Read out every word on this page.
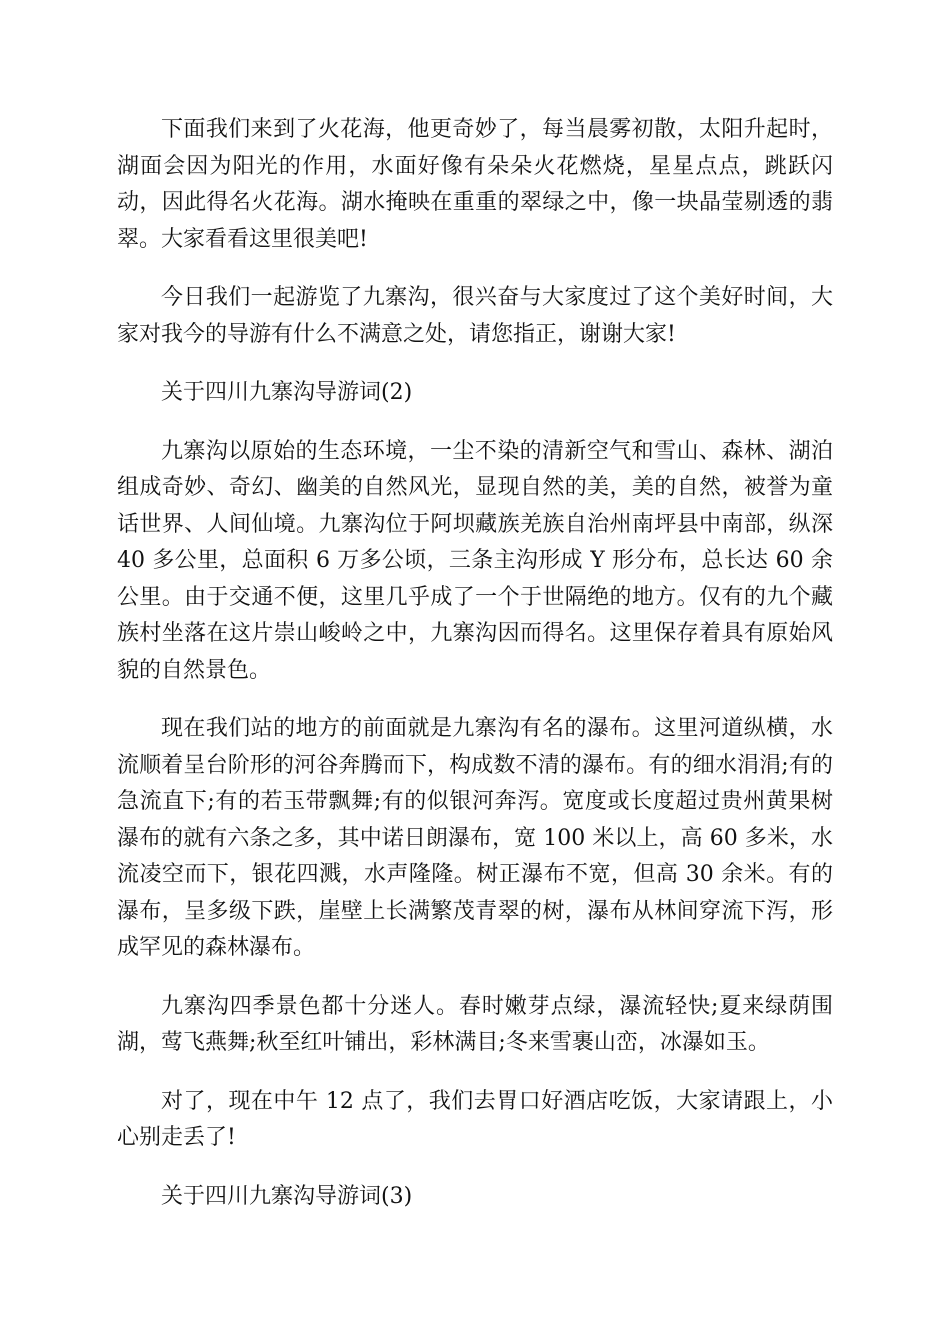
下面我们来到了火花海，他更奇妙了，每当晨雾初散，太阳升起时，湖面会因为阳光的作用，水面好像有朵朵火花燃烧，星星点点，跳跃闪动，因此得名火花海。湖水掩映在重重的翠绿之中，像一块晶莹剔透的翡翠。大家看看这里很美吧!

今日我们一起游览了九寨沟，很兴奋与大家度过了这个美好时间，大家对我今的导游有什么不满意之处，请您指正，谢谢大家!

关于四川九寨沟导游词(2)

九寨沟以原始的生态环境，一尘不染的清新空气和雪山、森林、湖泊组成奇妙、奇幻、幽美的自然风光，显现自然的美，美的自然，被誉为童话世界、人间仙境。九寨沟位于阿坝藏族羌族自治州南坪县中南部，纵深 40 多公里，总面积 6 万多公顷，三条主沟形成 Y 形分布，总长达 60 余公里。由于交通不便，这里几乎成了一个于世隔绝的地方。仅有的九个藏族村坐落在这片崇山峻岭之中，九寨沟因而得名。这里保存着具有原始风貌的自然景色。

现在我们站的地方的前面就是九寨沟有名的瀑布。这里河道纵横，水流顺着呈台阶形的河谷奔腾而下，构成数不清的瀑布。有的细水涓涓;有的急流直下;有的若玉带飘舞;有的似银河奔泻。宽度或长度超过贵州黄果树瀑布的就有六条之多，其中诺日朗瀑布，宽 100 米以上，高 60 多米，水流凌空而下，银花四溅，水声隆隆。树正瀑布不宽，但高 30 余米。有的瀑布，呈多级下跌，崖壁上长满繁茂青翠的树，瀑布从林间穿流下泻，形成罕见的森林瀑布。

九寨沟四季景色都十分迷人。春时嫩芽点绿，瀑流轻快;夏来绿荫围湖，莺飞燕舞;秋至红叶铺出，彩林满目;冬来雪裹山峦，冰瀑如玉。

对了，现在中午 12 点了，我们去胃口好酒店吃饭，大家请跟上，小心别走丢了!

关于四川九寨沟导游词(3)
